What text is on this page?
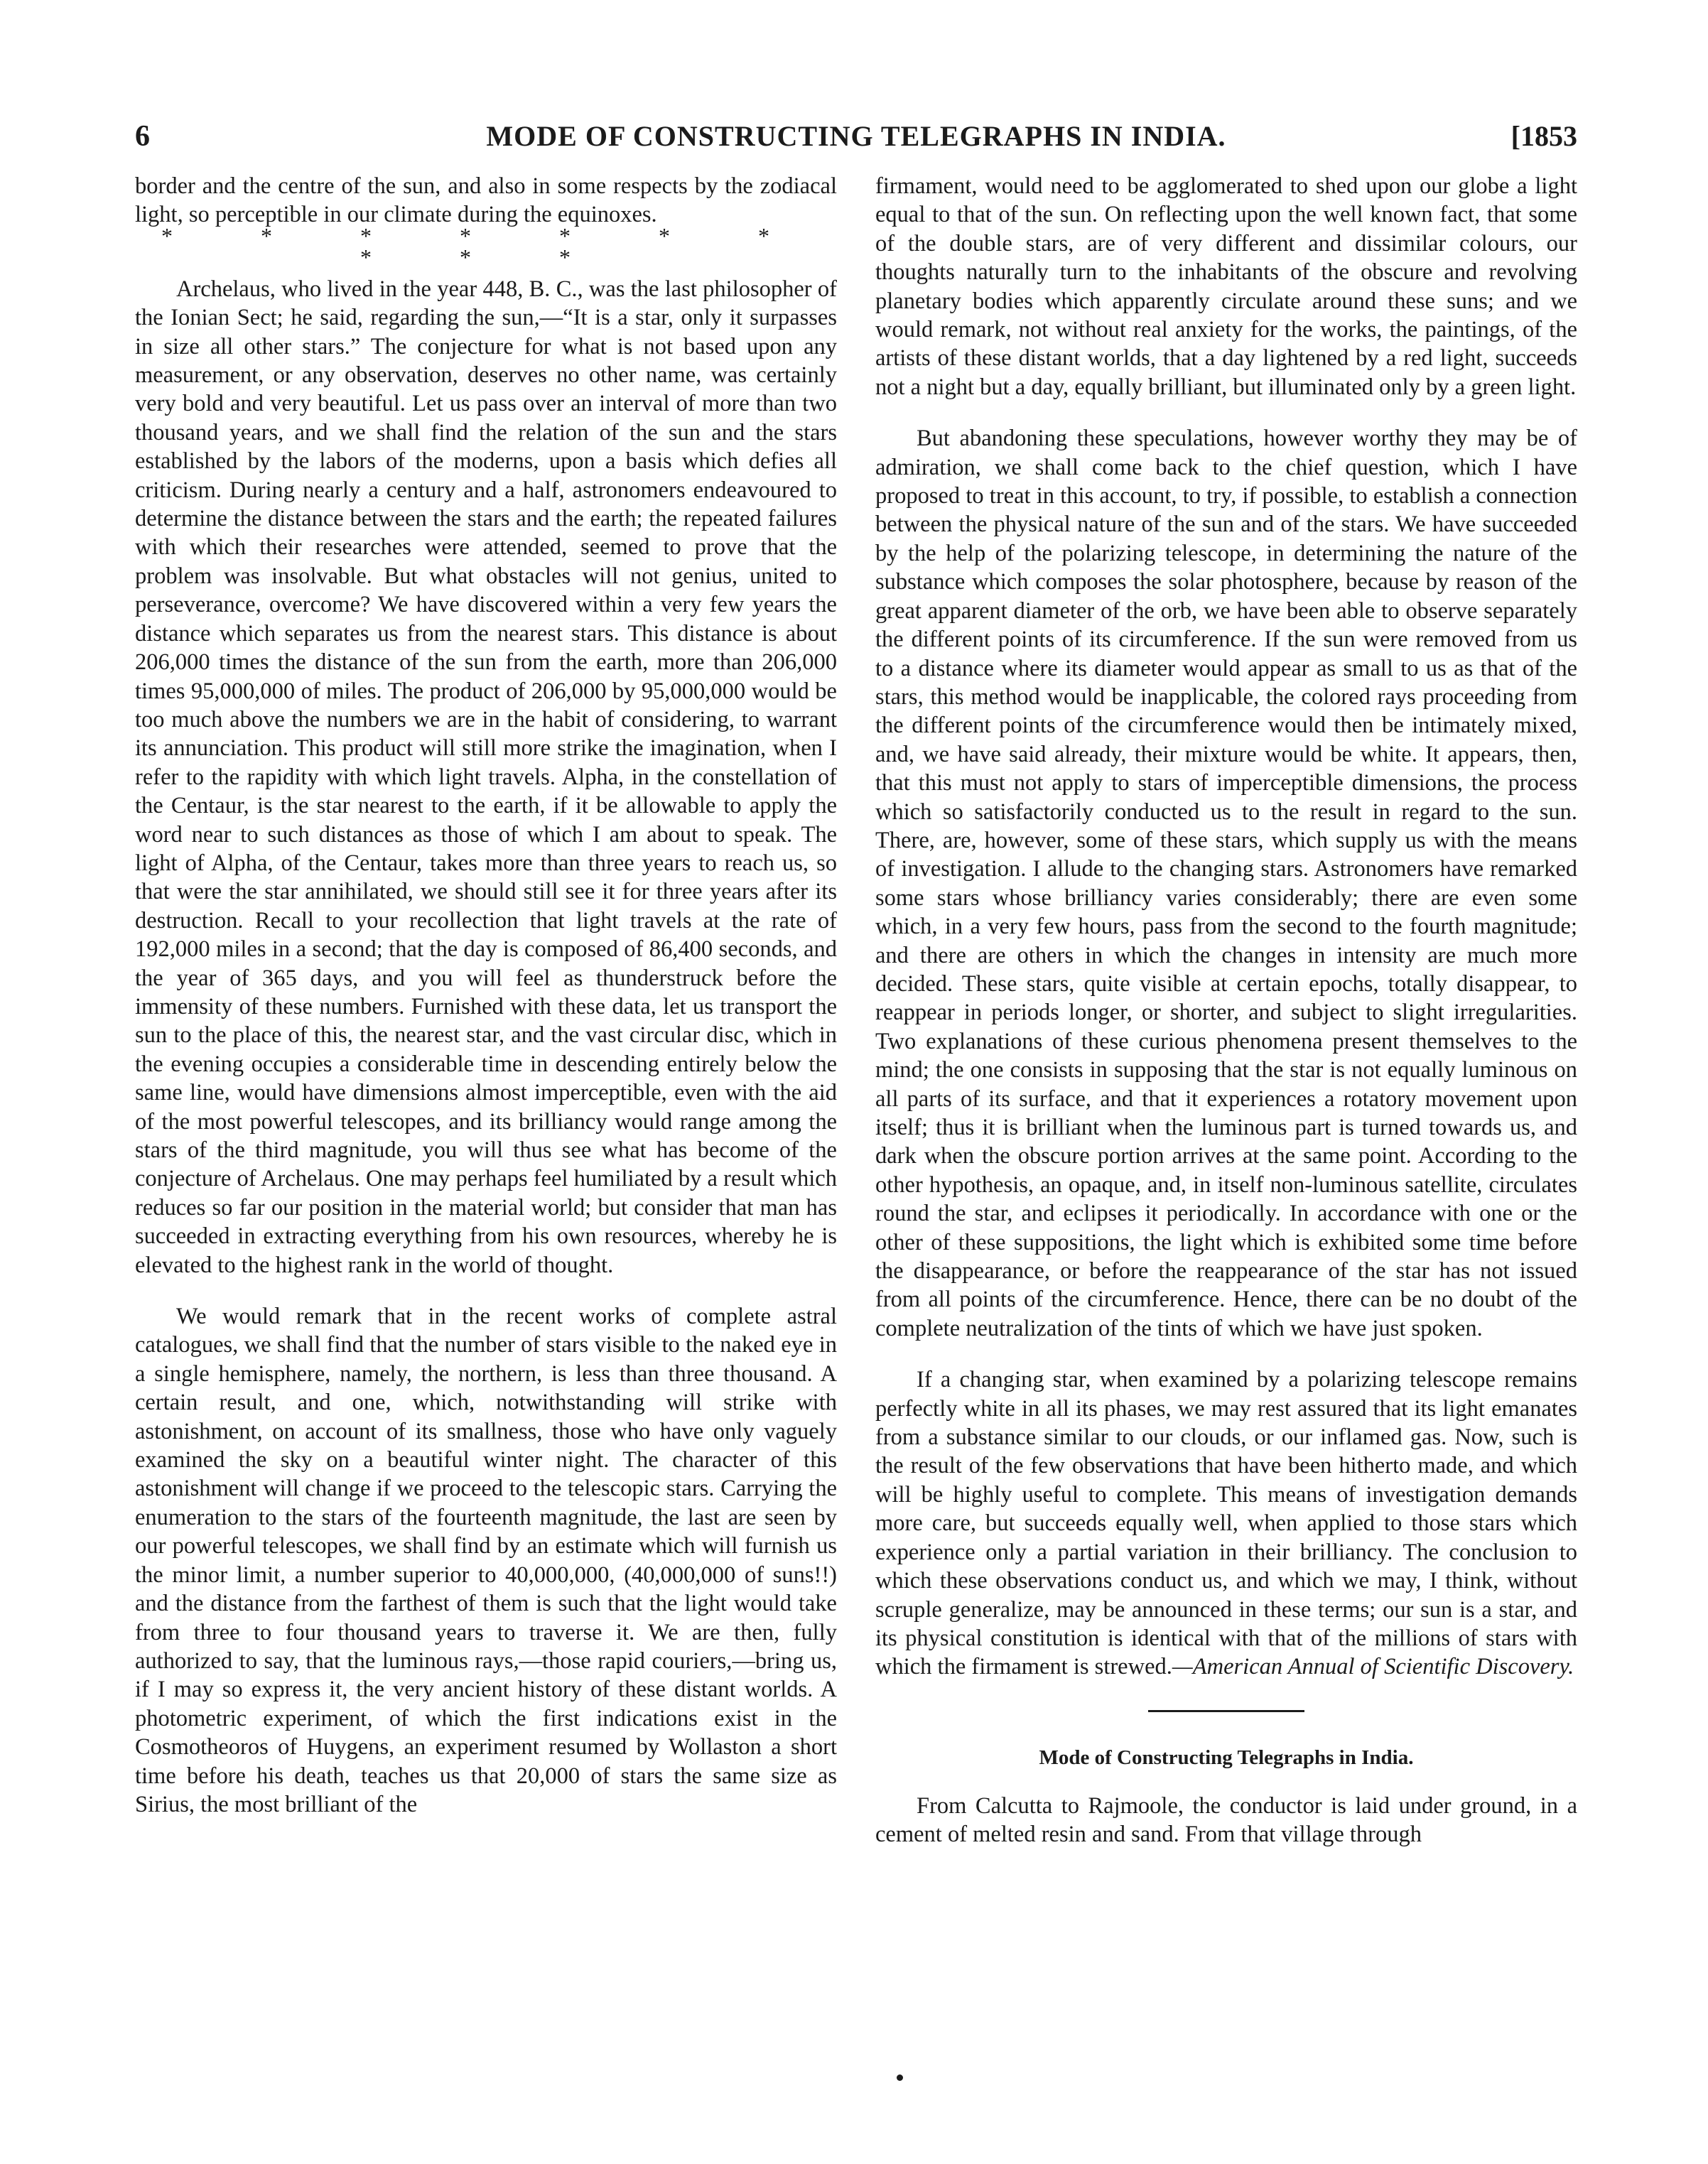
6	MODE OF CONSTRUCTING TELEGRAPHS IN INDIA.	[1853

border and the centre of the sun, and also in some respects by the zodiacal light, so perceptible in our climate during the equinoxes.

* * * * * * * * * *

Archelaus, who lived in the year 448, B. C., was the last philosopher of the Ionian Sect; he said, regarding the sun,—“It is a star, only it surpasses in size all other stars.” The conjecture for what is not based upon any measurement, or any observation, deserves no other name, was certainly very bold and very beautiful. Let us pass over an interval of more than two thousand years, and we shall find the relation of the sun and the stars established by the labors of the moderns, upon a basis which defies all criticism. During nearly a century and a half, astronomers endeavoured to determine the distance between the stars and the earth; the repeated failures with which their researches were attended, seemed to prove that the problem was insolvable. But what obstacles will not genius, united to perseverance, overcome? We have discovered within a very few years the distance which separates us from the nearest stars. This distance is about 206,000 times the distance of the sun from the earth, more than 206,000 times 95,000,000 of miles. The product of 206,000 by 95,000,000 would be too much above the numbers we are in the habit of considering, to warrant its annunciation. This product will still more strike the imagination, when I refer to the rapidity with which light travels. Alpha, in the constellation of the Centaur, is the star nearest to the earth, if it be allowable to apply the word near to such distances as those of which I am about to speak. The light of Alpha, of the Centaur, takes more than three years to reach us, so that were the star annihilated, we should still see it for three years after its destruction. Recall to your recollection that light travels at the rate of 192,000 miles in a second; that the day is composed of 86,400 seconds, and the year of 365 days, and you will feel as thunderstruck before the immensity of these numbers. Furnished with these data, let us transport the sun to the place of this, the nearest star, and the vast circular disc, which in the evening occupies a considerable time in descending entirely below the same line, would have dimensions almost imperceptible, even with the aid of the most powerful telescopes, and its brilliancy would range among the stars of the third magnitude, you will thus see what has become of the conjecture of Archelaus. One may perhaps feel humiliated by a result which reduces so far our position in the material world; but consider that man has succeeded in extracting everything from his own resources, whereby he is elevated to the highest rank in the world of thought.

We would remark that in the recent works of complete astral catalogues, we shall find that the number of stars visible to the naked eye in a single hemisphere, namely, the northern, is less than three thousand. A certain result, and one, which, notwithstanding will strike with astonishment, on account of its smallness, those who have only vaguely examined the sky on a beautiful winter night. The character of this astonishment will change if we proceed to the telescopic stars. Carrying the enumeration to the stars of the fourteenth magnitude, the last are seen by our powerful telescopes, we shall find by an estimate which will furnish us the minor limit, a number superior to 40,000,000, (40,000,000 of suns!!) and the distance from the farthest of them is such that the light would take from three to four thousand years to traverse it. We are then, fully authorized to say, that the luminous rays,—those rapid couriers,—bring us, if I may so express it, the very ancient history of these distant worlds. A photometric experiment, of which the first indications exist in the Cosmotheoros of Huygens, an experiment resumed by Wollaston a short time before his death, teaches us that 20,000 of stars the same size as Sirius, the most brilliant of the

firmament, would need to be agglomerated to shed upon our globe a light equal to that of the sun. On reflecting upon the well known fact, that some of the double stars, are of very different and dissimilar colours, our thoughts naturally turn to the inhabitants of the obscure and revolving planetary bodies which apparently circulate around these suns; and we would remark, not without real anxiety for the works, the paintings, of the artists of these distant worlds, that a day lightened by a red light, succeeds not a night but a day, equally brilliant, but illuminated only by a green light.

But abandoning these speculations, however worthy they may be of admiration, we shall come back to the chief question, which I have proposed to treat in this account, to try, if possible, to establish a connection between the physical nature of the sun and of the stars. We have succeeded by the help of the polarizing telescope, in determining the nature of the substance which composes the solar photosphere, because by reason of the great apparent diameter of the orb, we have been able to observe separately the different points of its circumference. If the sun were removed from us to a distance where its diameter would appear as small to us as that of the stars, this method would be inapplicable, the colored rays proceeding from the different points of the circumference would then be intimately mixed, and, we have said already, their mixture would be white. It appears, then, that this must not apply to stars of imperceptible dimensions, the process which so satisfactorily conducted us to the result in regard to the sun. There, are, however, some of these stars, which supply us with the means of investigation. I allude to the changing stars. Astronomers have remarked some stars whose brilliancy varies considerably; there are even some which, in a very few hours, pass from the second to the fourth magnitude; and there are others in which the changes in intensity are much more decided. These stars, quite visible at certain epochs, totally disappear, to reappear in periods longer, or shorter, and subject to slight irregularities. Two explanations of these curious phenomena present themselves to the mind; the one consists in supposing that the star is not equally luminous on all parts of its surface, and that it experiences a rotatory movement upon itself; thus it is brilliant when the luminous part is turned towards us, and dark when the obscure portion arrives at the same point. According to the other hypothesis, an opaque, and, in itself non-luminous satellite, circulates round the star, and eclipses it periodically. In accordance with one or the other of these suppositions, the light which is exhibited some time before the disappearance, or before the reappearance of the star has not issued from all points of the circumference. Hence, there can be no doubt of the complete neutralization of the tints of which we have just spoken.

If a changing star, when examined by a polarizing telescope remains perfectly white in all its phases, we may rest assured that its light emanates from a substance similar to our clouds, or our inflamed gas. Now, such is the result of the few observations that have been hitherto made, and which will be highly useful to complete. This means of investigation demands more care, but succeeds equally well, when applied to those stars which experience only a partial variation in their brilliancy. The conclusion to which these observations conduct us, and which we may, I think, without scruple generalize, may be announced in these terms; our sun is a star, and its physical constitution is identical with that of the millions of stars with which the firmament is strewed.—American Annual of Scientific Discovery.

Mode of Constructing Telegraphs in India.

From Calcutta to Rajmoole, the conductor is laid under ground, in a cement of melted resin and sand. From that village through
